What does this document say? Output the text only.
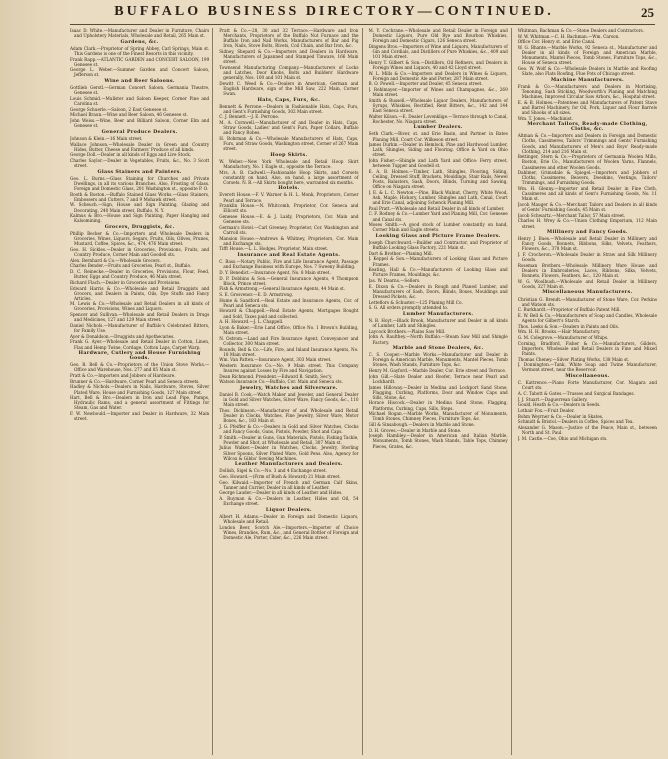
BUFFALO BUSINESS DIRECTORY—CONTINUED.	25
Isaac D. White.—Manufacturer and Dealer in Furniture, Chairs and Upholstery Materials, Wholesale and Retail, 265 Main st.
Gardens, &c.
Adam Clark.—Proprietor of Spring Abbey, Carl Springs, Main st. This Gardens is one of the Finest Resorts in this vicinity.
Frank Rapp.—ATLANTIC GARDEN and CONCERT SALOON, 199 Genesee st.
George L. Weber.—Summer Garden and Concert Saloon, Jefferson st.
Wine and Beer Saloons.
Gottlieb Gerstl.—German Concert Saloon, Germania Theatre, Genesee st.
Louis Schmid.—Mullster and Saloon Keeper, Corner Pine and Carolina st.
George Schuerle.—Saloon, 2 East Genesee st.
Michael Braun.—Wine and Beer Saloon, 46 Genesee st.
John Weiss.—Wine, Beer and Billiard Saloon, Corner Elm and Genesee st.
General Produce Dealers.
Johnson & Klein.—16 Main street.
Wallace Johnson.—Wholesale Dealer in Green and Country Hides, Butter, Cheese and Farmers' Produce of all kinds.
George Doll.—Dealer in all kinds of Eggs and Live Stock.
Charles Saylor.—Dealer in Vegetables, Fruits, &c., No. 3 Scott street.
Glass Stainers and Painters.
Geo. L. Burns.—Glass Staining for Churches and Private Dwellings, in all its various Branches. Also, Frosting of Glass. Foreign and Domestic Glass, 201 Washington st., opposite P. O.
Booth & Boston.—Buffalo Stained Glass Works.—Glass Stainers, Embossers and Cutters, 7 and 9 Mohawk street.
W. Scheuch.—Sign, House and Sign Painting, Glazing and Decorating, 240 Main street, Buffalo, N. Y.
Kalmus & Bro.—House and Sign Painting, Paper Hanging and Kalsomining.
Grocers, Druggists, &c.
Phillip Becker & Co.—Importers and Wholesale Dealers in Groceries, Wines, Liquors, Segars, Fruits, Oils, Olives, Prunes, Mustard, Coffee, Spices, &c., 474, 476 Main street.
Geo. H. Sickles.—Dealer in Groceries, Provisions, Fruits, and Country Produce, Corner Main and Goodell sts.
Alex. Bernhard & Co.—Wholesale Grocers.
Charles Bender.—Fruits and Groceries, Pearl st., Buffalo.
D. C. Reinecke.—Dealer in Groceries, Provisions, Flour, Feed, Butter, Eggs and Country Produce, 46 Main street.
Richard Flach.—Dealer in Groceries and Provisions.
Edward Harris & Co.—Wholesale and Retail Druggists and Grocers, and Dealers in Paints, Oils, Dye Stuffs and Fancy Articles.
M. Lewis & Co.—Wholesale and Retail Dealers in all kinds of Groceries, Provisions, Wines and Liquors.
Spencer and Sullivan.—Wholesale and Retail Dealers in Drugs and Medicines, 127 and 129 Main street.
Daniel Nichols.—Manufacturer of Buffalo's Celebrated Bitters, for Family Use.
Ayer & Donaldson.—Druggists and Apothecaries.
Frank G. Ayer.—Wholesale and Retail Dealer in Cotton, Linen, Flax and Hemp Twine, Cordage, Cotton Laps, Carpet Warp.
Hardware, Cutlery and House Furnishing Goods.
Geo. B. Bell & Co.—Proprietors of the Union Stove Works.—Office and Warehouse, Nos. 277 and 85 Main st.
Pratt & Co.—Importers and Jobbers of Hardware.
Brunner & Co.—Hardware, Corner Pearl and Seneca streets.
Hadley & Nichols.—Dealers in Nails, Hardware, Stoves, Silver Plated Ware, House and Furnishing Goods, 127 Main street.
Hart, Bell & Bro.—Dealers in Iron and Lead Pipe, Pumps, Hydraulic Rams, and a general assortment of Fittings for Steam, Gas and Water.
F. W. Newbould.—Importer and Dealer in Hardware, 32 Main street.
Pratt & Co.—28, 30 and 32 Terrace.—Hardware and Iron Merchants, Proprietors of the Buffalo Nut Furnace and the Buffalo Iron and Nail Works, Manufacturers of Bar and Pig Iron, Nails, Stove Bolts, Rivets, Coil Chain, and Bar Iron, &c.
Sidney, Shepard & Co.—Importers and Dealers in Hardware, Manufacturers of Japanned and Stamped Tinware, 166 Main street.
Townsend Manufacturing Company.—Manufacturers of Locks and Latches, Door Knobs, Bolts and Builders' Hardware generally, Nos. 100 and 101 Main st.
Dewitt C. Weed & Co.—Dealers in American, German and English Hardware, sign of the Mill Saw, 222 Main, Corner Swan.
Hats, Caps, Furs, &c.
Bennett & Perrone.—Dealers in Fashionable Hats, Caps, Furs, and Gent's Furnishing Goods, 302 Main street.
C. J. Bennett.—J. E. Perrone.
M. A. Cornwell.—Manufacturer of and Dealer in Hats, Caps, Straw Goods, Ladies' and Gent's Furs, Paper Collars, Buffalo and Fancy Robes.
H. Bohrman & Co.—Wholesale Manufacturers of Hats, Caps, Furs, and Straw Goods, Washington street, Corner of 267 Main street.
Hoop Skirts.
W. Weber.—New York Wholesale and Retail Hoop Skirt Manufactory, No. 1 Eagle st., opposite the Terrace.
Mrs. A. B. Cadwell.—Fashionable Hoop Skirts, and Corsets constantly on hand. Also, on hand, a large assortment of Corsets. N. B.—All Skirts bought here, warranted six months.
Hotels.
Everett House.—F. V. Warner & H. L. Monk, Proprietors, Corner Pearl and Terrace.
Franklin House.—N. Whitcomb, Proprietor, Cor. Seneca and Ellicott sts.
Genesee House.—E. & J. Laidy, Proprietors, Cor. Main and Genesee sts.
German's Hotel.—Carl Greeney, Proprietor, Cor. Washington and Carroll sts.
Mansion House.—Andrews & Whitney, Proprietors, Cor. Main and Exchange sts.
Tifft House.—L. L. Hodges, Proprietor, Main street.
Insurance and Real Estate Agents.
C. Bass.—Notary Public, Fire and Life Insurance Agent, Passage and Exchange Business with Europe, Nos. 7 Sweeny Building.
D. Y. Benedict.—Insurance Agent, No. 8 Main street.
D. P. Dobbins & Son.—General Insurance Agents, 4 Thompson Block, Prince street.
Fish & Armstrong.—General Insurance Agents, 44 Main st.
S. E. Grosvenor.—E. D. Armstrong.
Hume & Sandford.—Real Estate and Insurance Agents, Cor. of Pearl and Seneca sts.
Howard & Chappell.—Real Estate Agents, Mortgages Bought and Sold, Taxes paid and collected.
A. H. Howard.—J. L. Chappell.
Lyon & Baker.—Erie Land Office, Office No. 1 Brown's Building, Main street.
N. Ostrom.—Land and Fire Insurance Agent, Conveyancer and Collector, 300 Main street.
Rounds, Bell & Co.—Life, Fire, and Inland Insurance Agents, No. 18 Main street.
Wm. Van Patten.—Insurance Agent, 303 Main street.
Western Insurance Co.—No. 9 Main street. This Company Insures against Losses by Fire and Navigation.
Dean Richmond, President.—Edward B. Smith, Sec'y.
Watson Insurance Co.—Buffalo, Cor. Main and Seneca sts.
Jewelry, Watches and Silverware.
Daniel B. Cook.—Watch Maker and Jeweler, and General Dealer in Gold and Silver Watches, Silver Ware, Fancy Goods, &c., 110 Main street.
Thos. Dickinson.—Manufacturer of and Wholesale and Retail Dealer in Clocks, Watches, Fine Jewelry, Silver Ware, Motor Boxes, &c., 183 Main st.
J. G. Pfeiffer & Co.—Dealers in Gold and Silver Watches, Clocks and Fancy Goods, Guns, Pistols, Powder, Shot and Caps.
P. Smith.—Dealer in Guns, Gun Materials, Pistols, Fishing Tackle, Powder and Shot, at Wholesale and Retail, 307 Main st.
Julius Walker.—Dealer in Watches, Clocks, Jewelry, Sterling Silver Spoons, Silver Plated Ware, Gold Pens. Also, Agency for Wilcox & Gibbs' Sewing Machines.
Leather Manufacturers and Dealers.
Dollish, Sigel & Co.—No. 3 and 4 Exchange street.
Geo. Howard.—(Firm of Bush & Howard) 21 Main street.
Geo. Kilwaid.—Importer of French and German Calf Skins, Tanner and Currier, Dealer in all kinds of Leather.
George Lauder.—Dealer in all kinds of Leather and Hides.
A. Ruyman & Co.—Dealers in Leather, Hides and Oil, 54 Exchange street.
Liquor Dealers.
Albert H. Adams.—Dealer in Foreign and Domestic Liquors, Wholesale and Retail.
London Beer, Scotch Ale.—Importers.—Importer of Choice Wines, Brandies, Rum, &c., and General Bottler of Foreign and Domestic Ale, Porter, Cider, &c., 226 Main street.
M. Y. Cochrane.—Wholesale and Retail Dealer in Foreign and Domestic Liquors, Pure Old Rye and Bourbon Whiskies, Foreign and Domestic Cigars, 126 Seneca street.
Dingens Bros.—Importers of Wine and Liquors, Manufacturers of Gin and Cordials, and Distillers of Pure Whiskies, &c., 409 and 101 Main street.
Henry T. Gilbert & Son.—Distillers, Oil Refiners, and Dealers in Foreign Wines and Liquors, 40 and 42 Lloyd street.
W. L. Mills & Co.—Importers and Dealers in Wines & Liquors, Foreign and Domestic Ale and Porter, 287 Main street.
B. O. Powell.—Importer and Dealer, 45 Seneca street.
J. Rehlmayer.—Importer of Wines and Champagnes, &c., 269 Main street.
Smith & Russell.—Wholesale Liquor Dealers, Manufacturers of Syrups, Whiskies, Rectified, Rent Bitters, &c., 142 and 144 East Seneca street.
Walter Kilson.—E. Dealer Lovenklige.—Terrace through to Canal, Rochester, No. Niagara street.
Lumber Dealers.
Seth Clark.—River, st. and Erie Basin, and Partner in Bates Planing Mill, Court Cor. Wilkeson street.
James Durkin.—Dealer in Hemlock, Pine and Hardwood Lumber, Lath, Shingles, Siding and Flooring. Office & Yard on Ohio street.
John Fisher.—Shingle and Lath Yard and Office: Ferry street, between Tupper and Goodell st.
E. A. B. Holmes.—Timber, Lath, Shingles, Flooring, Siding, Ceiling, Dressed Stuff, Brackets, Mouldings, Stair Rails, Newel Posts, Balusters, Sash, Doors, Blinds, Turning and Sawing, Office on Niagara street.
J. E. & L. C. Newton.—Pine, Black Walnut, Cherry, White Wood, Ash, Maple, Hickory, Lumber, Shingles and Lath, Canal, Court and Erie Canal, adjoining Schenck Planing Mill.
Paul Pratt.—Wholesale and Retail Dealer in all kinds of Lumber.
C. F. Rodney & Co.—Lumber Yard and Planing Mill, Cor. Genesee and Canal sts.
Moses Smith.—A good stock of Lumber constantly on hand, Corner Main and Eagle streets.
Looking Glass and Picture Frame Dealers.
Joseph Churchward.—Builder and Contractor, and Proprietor of Buffalo Looking Glass Factory, 221 Main st.
Dart & Brother.—Planing Mill.
J. Keppel & Son.—Manufacturers of Looking Glass and Picture Frames.
Keating, Hall & Co.—Manufacturers of Looking Glass and Picture Frames, Mouldings, &c.
Jas. W. Dearns.—Sellers.
E. Dixon & Co.—Dealers in Rough and Planed Lumber, and Manufacturers of Sash, Doors, Blinds, Boxes, Mouldings and Dressed Pickets, &c.
Letteflors & Schuster.—125 Planing Mill Co.
S. G. All orders promptly attended to.
Lumber Manufacturers.
N. B. Hoyt.—Black Brook, Manufacturer and Dealer in all kinds of Lumber, Lath and Shingles.
Laycock Brothers.—Plains Saw Mill.
John A. Raulthey.—North Buffalo.—Steam Saw Mill and Shingle Factory.
Marble and Stone Dealers, &c.
C. S. Cooper.—Marble Works.—Manufacturer and Dealer in Foreign & American Marble, Monuments, Mantel Pieces, Tomb Stones, Wash Stands, Furniture Tops, &c.
Henry M. Gayford.—Marble Dealer, Cor. Erie street and Terrace.
John Gill.—Slate Dealer and Roofer, Terrace near Pearl and Lockhardt.
James Hilloway.—Dealer in Medina and Lockport Sand Stone, Flagging, Curbing, Platforms, Door and Window Caps and Sills, Stone, &c.
Horace Hiscock.—Dealer in Medina Sand Stone, Flagging, Platforms, Curbing, Caps, Sills, Steps.
Michael Rogan.—Marble Works, Manufacturer of Monuments, Tomb Stones, Chimney Pieces, Furniture Tops, &c.
Gill & Sinsabough.—Dealers in Marble and Stone.
O. H. Groves.—Dealer in Marble and Stone.
Joseph Hambley.—Dealer in American and Italian Marble, Monuments, Tomb Stones, Wash Stands, Table Tops, Chimney Pieces, Grates, &c.
Whitman, Bachman & Co.—Stone Dealers and Contractors.
W. W. Whitman.—C. H. Bachman.—Wm. Carson.
Office Cor. Henry st. and Erie Canal.
W. G. Bhante.—Marble Works, 92 Seneca st., Manufacturer and Dealer in all kinds of Foreign and American Marble, Monuments, Mantel Pieces, Tomb Stones, Furniture Tops, &c., House of Seneca street.
Geo. W. Wolf & Co.—Wholesale Dealers in Marble and Roofing Slate, also Flats Roofing, Flue Pots of Chicago street.
Machine Manufacturers.
Frank & Co.—Manufacturers and Dealers in Mortising, Tenoning, Sash Sticking, Woodworth's Planing and Matching Machines, Improved Circular Saw Arbors, &c., Hospital street.
E. & B. Holmes.—Patentees and Manufacturers of Patent Stave and Barrel Machinery, for Oil, Pork, Liquor and Flour Barrels and Shooks of all sizes.
Wm. T. Jones.—Machinist.
Merchant Tailors, Ready-made Clothing, Cloths, &c.
Altman & Co.—Importers and Dealers in Foreign and Domestic Cloths, Cassimeres, Tailors' Trimmings and Gents' Furnishing Goods, and Manufacturers of Men's and Boys' Ready-made Clothing, 214 and 216 Main st.
Bettinger, Stern & Co.—Proprietors of Germania Woolen Mills, Boston, Erie Co., Manufacturers of Woolen Yarns, Flannels, Cassimeres and other Woolen Goods.
Dahlmer, Grimsdale & Spiegel.—Importers and Jobbers of Cloths, Cassimeres, Beavers, Doeskins, Vestings, Tailors' Trimmings, and Furnishing Goods.
Wm. H. Glenny.—Importer and Retail Dealer in Fine Cloth, Cassimeres and all kinds of Gent's Furnishing Goods, No. 11 Main st.
Jacob Mauger & Co.—Merchant Tailors and Dealers in all kinds of Gents' Furnishing Goods, 45 Main st.
Jacob Schwartz.—Merchant Tailor, 57 Main street.
Charles H. Wrey & Co.—Union Clothing Emporium, 112 Main street.
Millinery and Fancy Goods.
Henry J. Bues.—Wholesale and Retail Dealer in Millinery and Fancy Goods, Bonnets, Ribbons, Silks, Velvets, Feathers, Flowers, &c., 378 Main st.
J. F. Crocheron.—Wholesale Dealer in Straw and Silk Millinery Goods.
Roseman Brothers.—Wholesale Millinery Ware House and Dealers in Embroideries, Laces, Ribbons, Silks, Velvets, Bonnets, Flowers, Feathers, &c., 120 Main st.
W. G. Woolbush.—Wholesale and Retail Dealer in Millinery Goods, 327 Main st.
Miscellaneous Manufacturers.
Christian G. Brendt.—Manufacturer of Stone Ware, Cor. Perkins and Watson sts.
C. Burkhardt.—Proprietor of Buffalo Patent Mill.
E. W. Bell & Co.—Manufacturers of Soap and Candles, Wholesale Agents for Gilbert's Starch.
Thos. Leeks & Son.—Dealers in Paints and Oils.
Wm. H. H. Brooks.—Hair Manufactory.
G. M. Colegrove.—Manufacturer of Whips.
Corning, Bradford, Fisher & Co.—Manufacturers, Gilders, Importers, Wholesale and Retail Dealers in Fine and Mixed Paints.
Thomas Cheney.—Silver Plating Works, 138 Main st.
J. Donnington.—Tank, White Soap and Twine Manufacturer, Vermont street, near the Reservoir.
Miscellaneous.
C. Kattrence.—Piano Forte Manufacturer, Cor. Niagara and Court sts.
A. C. Tabott & Gates.—Trusses and Surgical Bandages.
J. J. Stuart.—Daguerrean Gallery.
Gould, Heath & Co.—Dealers in Seeds.
Lothair Fox.—Fruit Dealer.
Bohm Weyrner & Co.—Dealer in Skates.
Schmidt & Bristol.—Dealers in Coffee, Spices and Tea.
Alexander G. Mason.—Justice of the Peace, Main st., between North and St. Paul.
J. M. Castle.—Coe, Ohio and Michigan sts.
